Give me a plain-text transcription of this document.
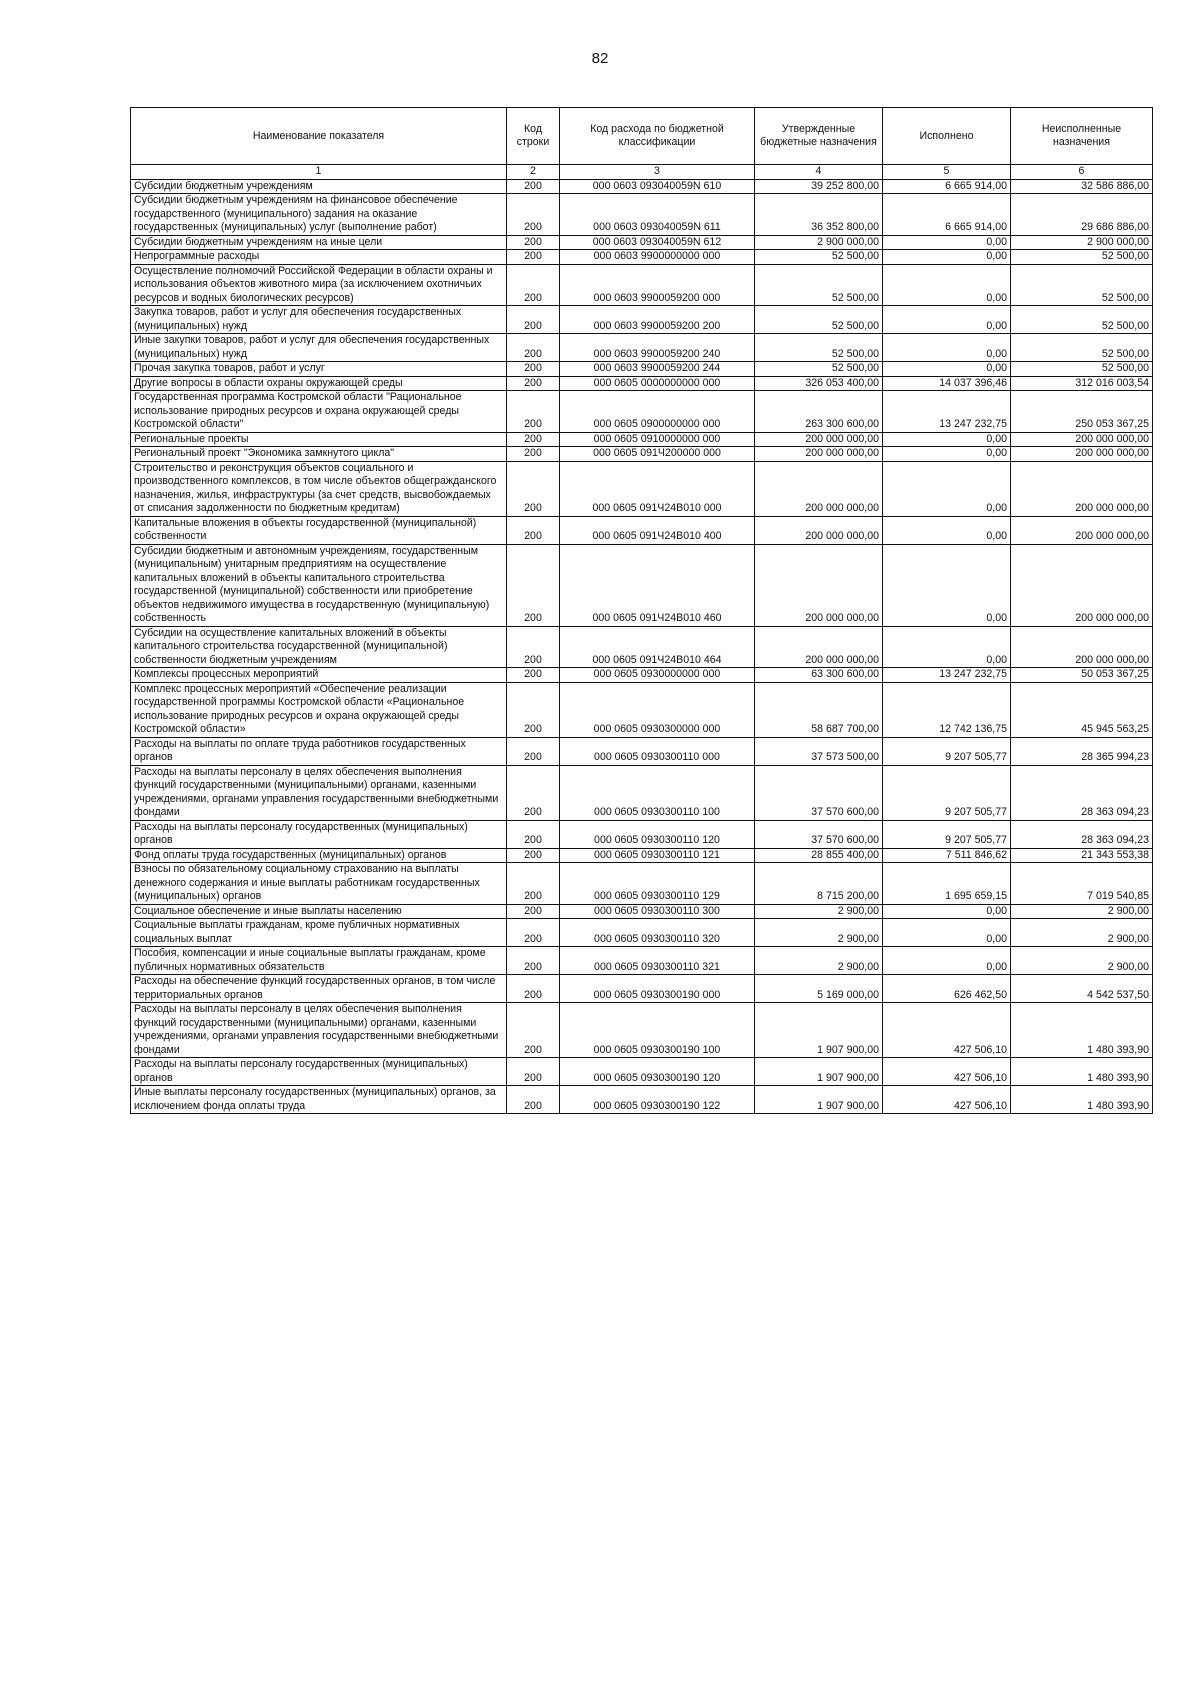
82
Наименование показателя	Код строки	Код расхода по бюджетной классификации	Утвержденные бюджетные назначения	Исполнено	Неисполненные назначения
1	2	3	4	5	6
Субсидии бюджетным учреждениям	200	000 0603 093040059N 610	39 252 800,00	6 665 914,00	32 586 886,00
Субсидии бюджетным учреждениям на финансовое обеспечение государственного (муниципального) задания на оказание государственных (муниципальных) услуг (выполнение работ)	200	000 0603 093040059N 611	36 352 800,00	6 665 914,00	29 686 886,00
Субсидии бюджетным учреждениям на иные цели	200	000 0603 093040059N 612	2 900 000,00	0,00	2 900 000,00
Непрограммные расходы	200	000 0603 9900000000 000	52 500,00	0,00	52 500,00
Осуществление полномочий Российской Федерации в области охраны и использования объектов животного мира (за исключением охотничьих ресурсов и водных биологических ресурсов)	200	000 0603 9900059200 000	52 500,00	0,00	52 500,00
Закупка товаров, работ и услуг для обеспечения государственных (муниципальных) нужд	200	000 0603 9900059200 200	52 500,00	0,00	52 500,00
Иные закупки товаров, работ и услуг для обеспечения государственных (муниципальных) нужд	200	000 0603 9900059200 240	52 500,00	0,00	52 500,00
Прочая закупка товаров, работ и услуг	200	000 0603 9900059200 244	52 500,00	0,00	52 500,00
Другие вопросы в области охраны окружающей среды	200	000 0605 0000000000 000	326 053 400,00	14 037 396,46	312 016 003,54
Государственная программа Костромской области "Рациональное использование природных ресурсов и охрана окружающей среды Костромской области"	200	000 0605 0900000000 000	263 300 600,00	13 247 232,75	250 053 367,25
Региональные проекты	200	000 0605 0910000000 000	200 000 000,00	0,00	200 000 000,00
Региональный проект "Экономика замкнутого цикла"	200	000 0605 091Ч200000 000	200 000 000,00	0,00	200 000 000,00
Строительство и реконструкция объектов социального и производственного комплексов, в том числе объектов общегражданского назначения, жилья, инфраструктуры (за счет средств, высвобождаемых от списания задолженности по бюджетным кредитам)	200	000 0605 091Ч24В010 000	200 000 000,00	0,00	200 000 000,00
Капитальные вложения в объекты государственной (муниципальной) собственности	200	000 0605 091Ч24В010 400	200 000 000,00	0,00	200 000 000,00
Субсидии бюджетным и автономным учреждениям, государственным (муниципальным) унитарным предприятиям на осуществление капитальных вложений в объекты капитального строительства государственной (муниципальной) собственности или приобретение объектов недвижимого имущества в государственную (муниципальную) собственность	200	000 0605 091Ч24В010 460	200 000 000,00	0,00	200 000 000,00
Субсидии на осуществление капитальных вложений в объекты капитального строительства государственной (муниципальной) собственности бюджетным учреждениям	200	000 0605 091Ч24В010 464	200 000 000,00	0,00	200 000 000,00
Комплексы процессных мероприятий	200	000 0605 0930000000 000	63 300 600,00	13 247 232,75	50 053 367,25
Комплекс процессных мероприятий «Обеспечение реализации государственной программы Костромской области «Рациональное использование природных ресурсов и охрана окружающей среды Костромской области»	200	000 0605 0930300000 000	58 687 700,00	12 742 136,75	45 945 563,25
Расходы на выплаты по оплате труда работников государственных органов	200	000 0605 0930300110 000	37 573 500,00	9 207 505,77	28 365 994,23
Расходы на выплаты персоналу в целях обеспечения выполнения функций государственными (муниципальными) органами, казенными учреждениями, органами управления государственными внебюджетными фондами	200	000 0605 0930300110 100	37 570 600,00	9 207 505,77	28 363 094,23
Расходы на выплаты персоналу государственных (муниципальных) органов	200	000 0605 0930300110 120	37 570 600,00	9 207 505,77	28 363 094,23
Фонд оплаты труда государственных (муниципальных) органов	200	000 0605 0930300110 121	28 855 400,00	7 511 846,62	21 343 553,38
Взносы по обязательному социальному страхованию на выплаты денежного содержания и иные выплаты работникам государственных (муниципальных) органов	200	000 0605 0930300110 129	8 715 200,00	1 695 659,15	7 019 540,85
Социальное обеспечение и иные выплаты населению	200	000 0605 0930300110 300	2 900,00	0,00	2 900,00
Социальные выплаты гражданам, кроме публичных нормативных социальных выплат	200	000 0605 0930300110 320	2 900,00	0,00	2 900,00
Пособия, компенсации и иные социальные выплаты гражданам, кроме публичных нормативных обязательств	200	000 0605 0930300110 321	2 900,00	0,00	2 900,00
Расходы на обеспечение функций государственных органов, в том числе территориальных органов	200	000 0605 0930300190 000	5 169 000,00	626 462,50	4 542 537,50
Расходы на выплаты персоналу в целях обеспечения выполнения функций государственными (муниципальными) органами, казенными учреждениями, органами управления государственными внебюджетными фондами	200	000 0605 0930300190 100	1 907 900,00	427 506,10	1 480 393,90
Расходы на выплаты персоналу государственных (муниципальных) органов	200	000 0605 0930300190 120	1 907 900,00	427 506,10	1 480 393,90
Иные выплаты персоналу государственных (муниципальных) органов, за исключением фонда оплаты труда	200	000 0605 0930300190 122	1 907 900,00	427 506,10	1 480 393,90
